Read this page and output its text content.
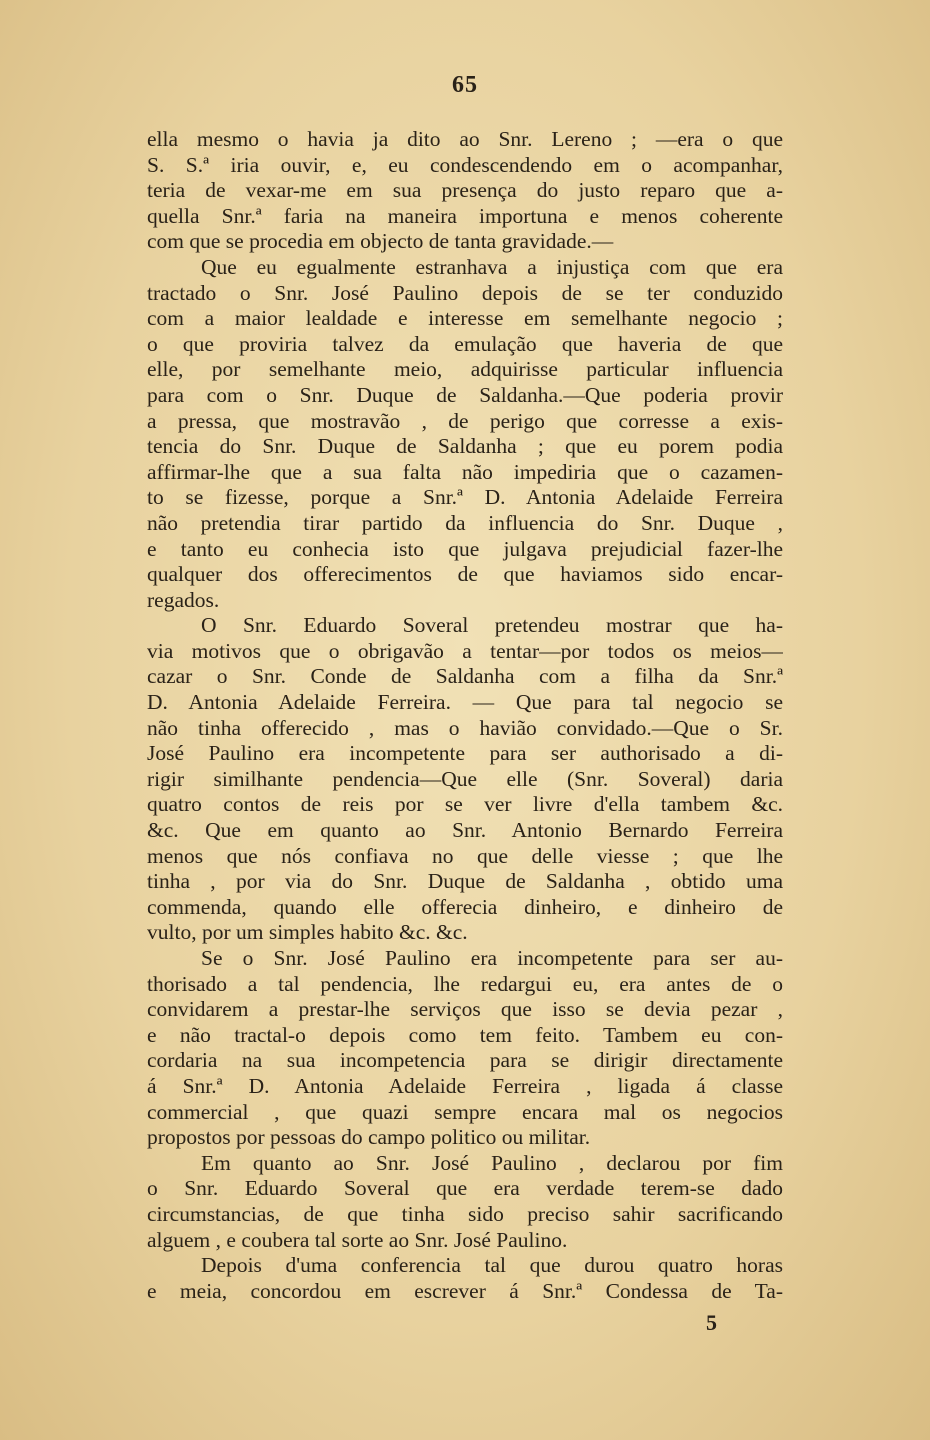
65
ella mesmo o havia ja dito ao Snr. Lereno ; —era o que
S. S.ª iria ouvir, e, eu condescendendo em o acompanhar,
teria de vexar-me em sua presença do justo reparo que a-
quella Snr.ª faria na maneira importuna e menos coherente
com que se procedia em objecto de tanta gravidade.—
Que eu egualmente estranhava a injustiça com que era
tractado o Snr. José Paulino depois de se ter conduzido
com a maior lealdade e interesse em semelhante negocio ;
o que proviria talvez da emulação que haveria de que
elle, por semelhante meio, adquirisse particular influencia
para com o Snr. Duque de Saldanha.—Que poderia provir
a pressa, que mostravão , de perigo que corresse a exis-
tencia do Snr. Duque de Saldanha ; que eu porem podia
affirmar-lhe que a sua falta não impediria que o cazamen-
to se fizesse, porque a Snr.ª D. Antonia Adelaide Ferreira
não pretendia tirar partido da influencia do Snr. Duque ,
e tanto eu conhecia isto que julgava prejudicial fazer-lhe
qualquer dos offerecimentos de que haviamos sido encar-
regados.
O Snr. Eduardo Soveral pretendeu mostrar que ha-
via motivos que o obrigavão a tentar—por todos os meios—
cazar o Snr. Conde de Saldanha com a filha da Snr.ª
D. Antonia Adelaide Ferreira. — Que para tal negocio se
não tinha offerecido , mas o havião convidado.—Que o Sr.
José Paulino era incompetente para ser authorisado a di-
rigir similhante pendencia—Que elle (Snr. Soveral) daria
quatro contos de reis por se ver livre d'ella tambem &c.
&c. Que em quanto ao Snr. Antonio Bernardo Ferreira
menos que nós confiava no que delle viesse ; que lhe
tinha , por via do Snr. Duque de Saldanha , obtido uma
commenda, quando elle offerecia dinheiro, e dinheiro de
vulto, por um simples habito &c. &c.
Se o Snr. José Paulino era incompetente para ser au-
thorisado a tal pendencia, lhe redargui eu, era antes de o
convidarem a prestar-lhe serviços que isso se devia pezar ,
e não tractal-o depois como tem feito. Tambem eu con-
cordaria na sua incompetencia para se dirigir directamente
á Snr.ª D. Antonia Adelaide Ferreira , ligada á classe
commercial , que quazi sempre encara mal os negocios
propostos por pessoas do campo politico ou militar.
Em quanto ao Snr. José Paulino , declarou por fim
o Snr. Eduardo Soveral que era verdade terem-se dado
circumstancias, de que tinha sido preciso sahir sacrificando
alguem , e coubera tal sorte ao Snr. José Paulino.
Depois d'uma conferencia tal que durou quatro horas
e meia, concordou em escrever á Snr.ª Condessa de Ta-
5
